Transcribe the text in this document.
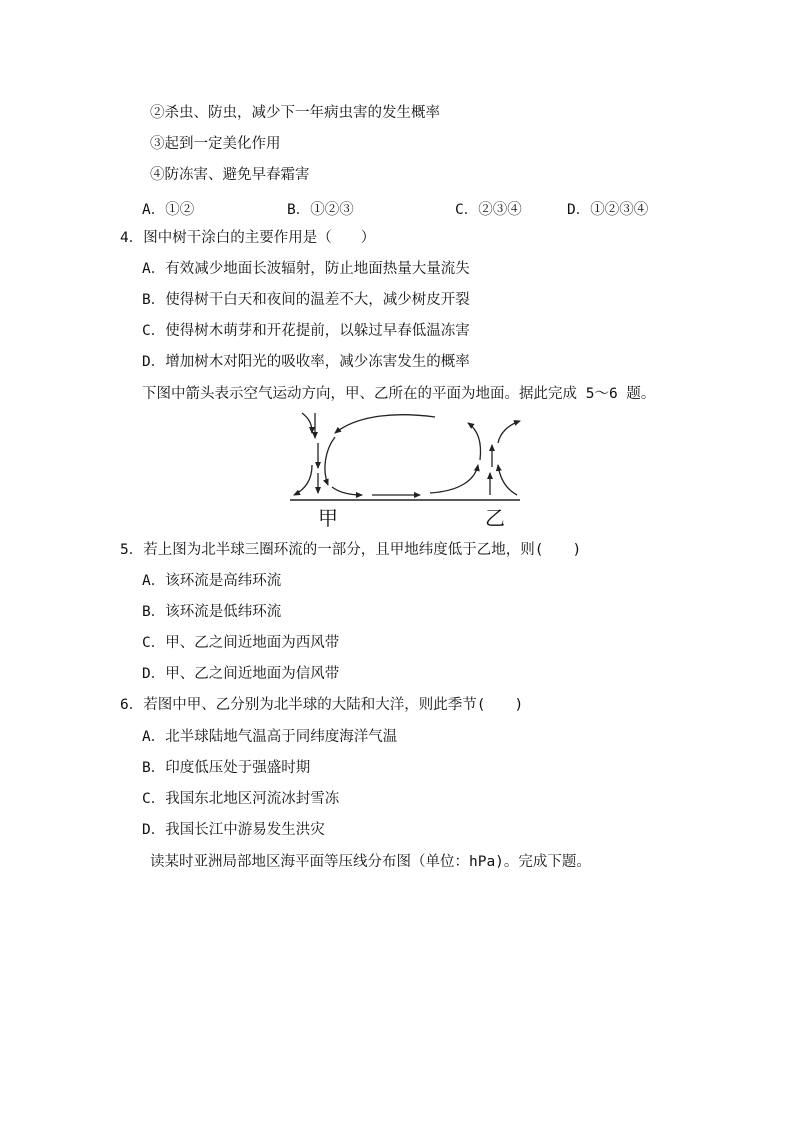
②杀虫、防虫，减少下一年病虫害的发生概率
③起到一定美化作用
④防冻害、避免早春霜害
A．①②	B．①②③	C．②③④	D．①②③④
4．图中树干涂白的主要作用是（　　）
A．有效减少地面长波辐射，防止地面热量大量流失
B．使得树干白天和夜间的温差不大，减少树皮开裂
C．使得树木萌芽和开花提前，以躲过早春低温冻害
D．增加树木对阳光的吸收率，减少冻害发生的概率
下图中箭头表示空气运动方向，甲、乙所在的平面为地面。据此完成 5～6 题。
甲	乙
5．若上图为北半球三圈环流的一部分，且甲地纬度低于乙地，则(　　)
A．该环流是高纬环流
B．该环流是低纬环流
C．甲、乙之间近地面为西风带
D．甲、乙之间近地面为信风带
6．若图中甲、乙分别为北半球的大陆和大洋，则此季节(　　)
A．北半球陆地气温高于同纬度海洋气温
B．印度低压处于强盛时期
C．我国东北地区河流冰封雪冻
D．我国长江中游易发生洪灾
读某时亚洲局部地区海平面等压线分布图（单位：hPa)。完成下题。
